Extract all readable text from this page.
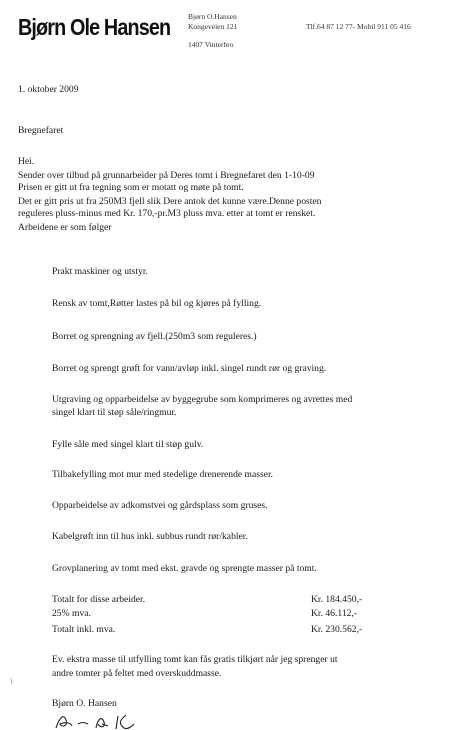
Bjørn Ole Hansen Bjørn O.Hansen
Kongeveien 121
1407 Vinterbro
Tlf.64 87 12 77- Mobil 911 05 416
1. oktober 2009
Bregnefaret
Hei.
Sender over tilbud på grunnarbeider på Deres tomt i Bregnefaret den 1-10-09
Prisen er gitt ut fra tegning som er motatt og møte på tomt.
Det er gitt pris ut fra 250M3 fjell slik Dere antok det kunne være.Denne posten
reguleres pluss-minus med Kr. 170,-pr.M3 pluss mva. etter at tomt er rensket.
Arbeidene er som følger
Prakt maskiner og utstyr.
Rensk av tomt,Røtter lastes på bil og kjøres på fylling.
Borret og sprengning av fjell.(250m3 som reguleres.)
Borret og sprengt grøft for vann/avløp inkl. singel rundt rør og graving.
Utgraving og opparbeidelse av byggegrube som komprimeres og avrettes med
singel klart til støp såle/ringmur.
Fylle såle med singel klart til støp gulv.
Tilbakefylling mot mur med stedelige drenerende masser.
Opparbeidelse av adkomstvei og gårdsplass som gruses.
Kabelgrøft inn til hus inkl. subbus rundt rør/kabler.
Grovplanering av tomt med ekst. gravde og sprengte masser på tomt.
Totalt for disse arbeider.	Kr. 184.450,-
25% mva.	Kr. 46.112,-
Totalt inkl. mva.	Kr. 230.562,-
Ev. ekstra masse til utfylling tomt kan fås gratis tilkjørt når jeg sprenger ut
andre tomter på feltet med overskuddmasse.
Bjørn O. Hansen
